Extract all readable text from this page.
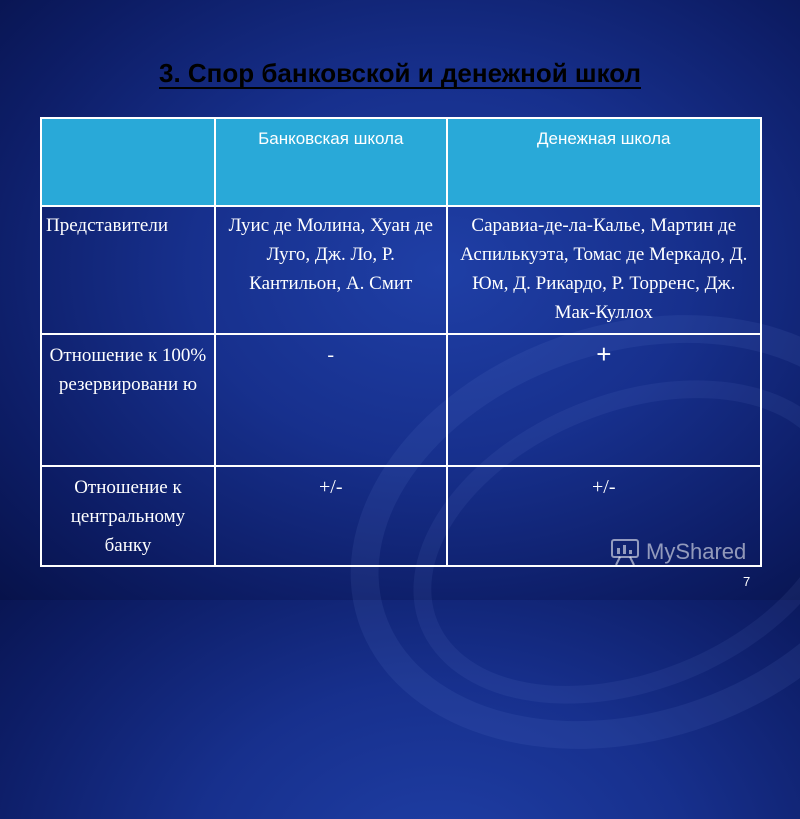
3. Спор банковской и денежной школ
	Банковская школа	Денежная школа
Представители	Луис де Молина, Хуан де Луго, Дж. Ло, Р. Кантильон, А. Смит	Саравиа-де-ла-Калье, Мартин де Аспилькуэта, Томас де Меркадо, Д. Юм, Д. Рикардо, Р. Торренс, Дж. Мак-Куллох
Отношение к 100% резервировани ю	-	+
Отношение к центральному банку	+/-	+/-
MyShared
7
